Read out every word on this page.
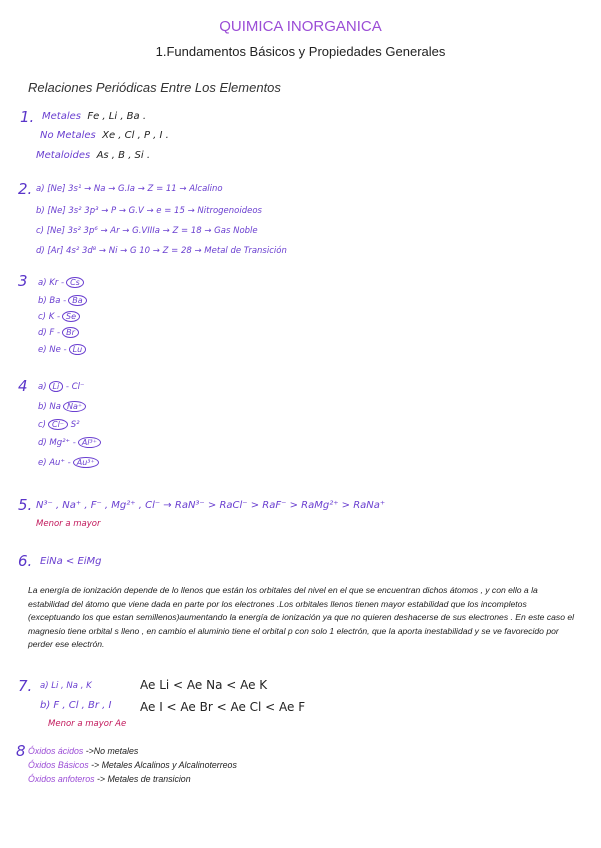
QUIMICA INORGANICA
1.Fundamentos Básicos y Propiedades Generales
Relaciones Periódicas Entre Los Elementos
1. Metales Fe , Li , Ba .
No Metales Xe , Cl , P , I .
Metaloides As , B , Si .
2. a) [Ne] 3s¹ → Na → G.Ia → Z = 11 → Alcalino
b) [Ne] 3s² 3p³ → P → G.V → e = 15 → Nitrogenoideos
c) [Ne] 3s² 3p⁶ → Ar → G.VIIIa → Z = 18 → Gas Noble
d) [Ar] 4s² 3d⁸ → Ni → G 10 → Z = 28 → Metal de Transición
3 a) Kr - Cs
b) Ba - Ba
c) K - Se
d) F - Br
e) Ne - Lu
4 a) Li - Cl⁻
b) Na Na⁺
c) Cl⁻ S²
d) Mg²⁺ - Al³⁺
e) Au⁺ - Au³⁺
5. N³⁻ , Na⁺ , F⁻ , Mg²⁺ , Cl⁻ → RaN³⁻ > RaCl⁻ > RaF⁻ > RaMg²⁺ > RaNa⁺
Menor a mayor
6. EiNa < EiMg
La energía de ionización depende de lo llenos que están los orbitales del nivel en el que se encuentran dichos átomos , y con ello a la estabilidad del átomo que viene dada en parte por los electrones .Los orbitales llenos tienen mayor estabilidad que los incompletos (exceptuando los que estan semillenos)aumentando la energía de ionización ya que no quieren deshacerse de sus electrones . En este caso el magnesio tiene orbital s lleno , en cambio el aluminio tiene el orbital p con solo 1 electrón, que la aporta inestabilidad y se ve favorecido por perder ese electrón.
7. a) Li , Na , K	Ae Li < Ae Na < Ae K
b) F , Cl , Br , I Ae I < Ae Br < Ae Cl < Ae F
Menor a mayor Ae
8 Óxidos ácidos ->No metales
Óxidos Básicos -> Metales Alcalinos y Alcalinoterreos
Óxidos anfoteros -> Metales de transicion
